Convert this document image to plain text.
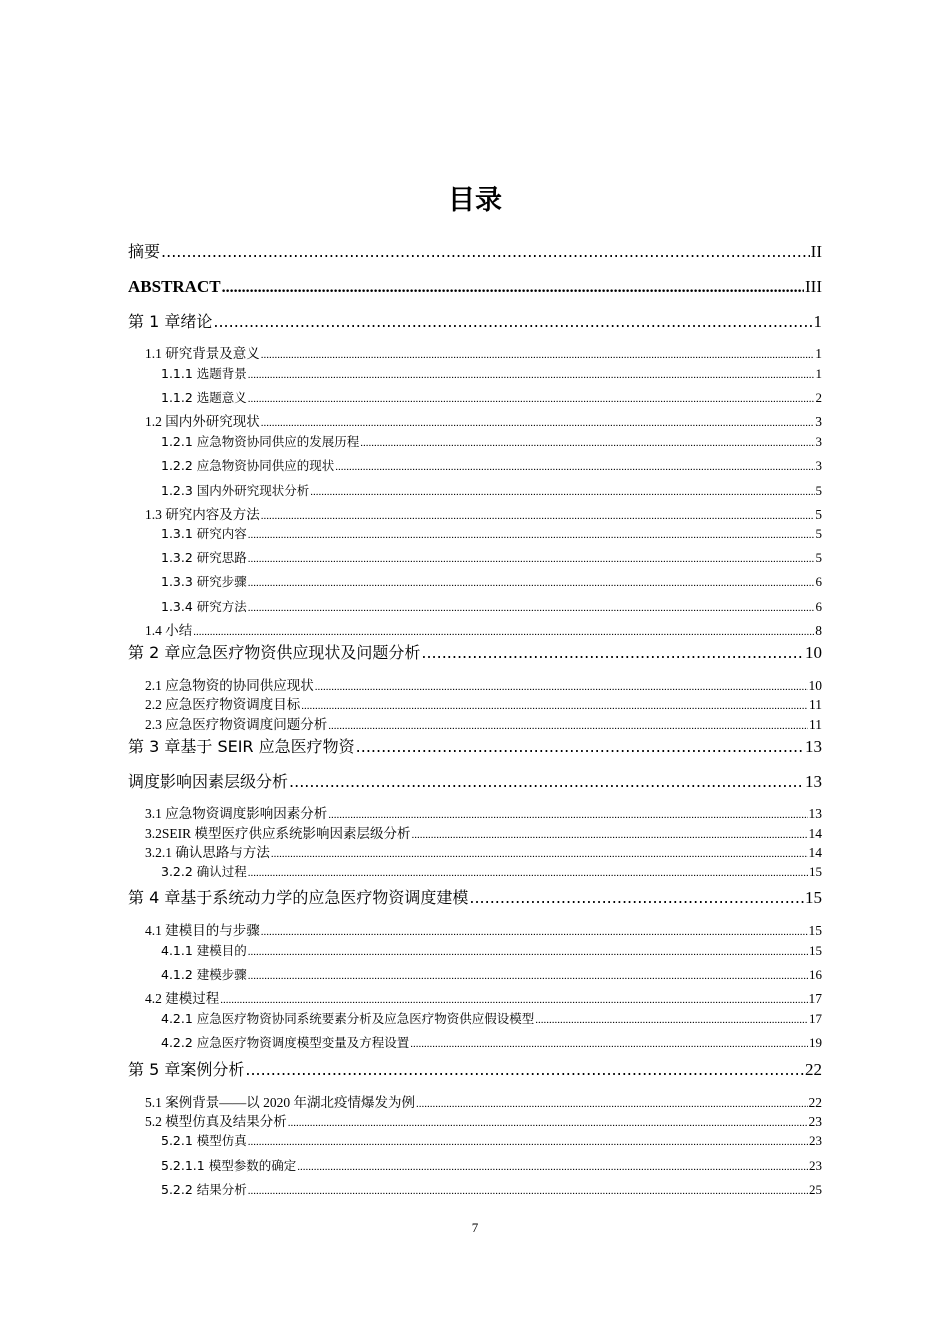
目录
摘要 .....	II
ABSTRACT .....	III
第 1 章绪论 .....	1
1.1 研究背景及意义 .....	1
1.1.1 选题背景 .....	1
1.1.2 选题意义 .....	2
1.2 国内外研究现状 .....	3
1.2.1 应急物资协同供应的发展历程 .....	3
1.2.2 应急物资协同供应的现状 .....	3
1.2.3 国内外研究现状分析 .....	5
1.3 研究内容及方法 .....	5
1.3.1 研究内容 .....	5
1.3.2 研究思路 .....	5
1.3.3 研究步骤 .....	6
1.3.4 研究方法 .....	6
1.4 小结 .....	8
第 2 章应急医疗物资供应现状及问题分析 .....	10
2.1 应急物资的协同供应现状 .....	10
2.2 应急医疗物资调度目标 .....	11
2.3 应急医疗物资调度问题分析 .....	11
第 3 章基于 SEIR 应急医疗物资 .....	13
调度影响因素层级分析 .....	13
3.1 应急物资调度影响因素分析 .....	13
3.2SEIR 模型医疗供应系统影响因素层级分析 .....	14
3.2.1 确认思路与方法 .....	14
3.2.2 确认过程 .....	15
第 4 章基于系统动力学的应急医疗物资调度建模 .....	15
4.1 建模目的与步骤 .....	15
4.1.1 建模目的 .....	15
4.1.2 建模步骤 .....	16
4.2 建模过程 .....	17
4.2.1 应急医疗物资协同系统要素分析及应急医疗物资供应假设模型 .....	17
4.2.2 应急医疗物资调度模型变量及方程设置 .....	19
第 5 章案例分析 .....	22
5.1 案例背景——以 2020 年湖北疫情爆发为例 .....	22
5.2 模型仿真及结果分析 .....	23
5.2.1 模型仿真 .....	23
5.2.1.1 模型参数的确定 .....	23
5.2.2 结果分析 .....	25
7
